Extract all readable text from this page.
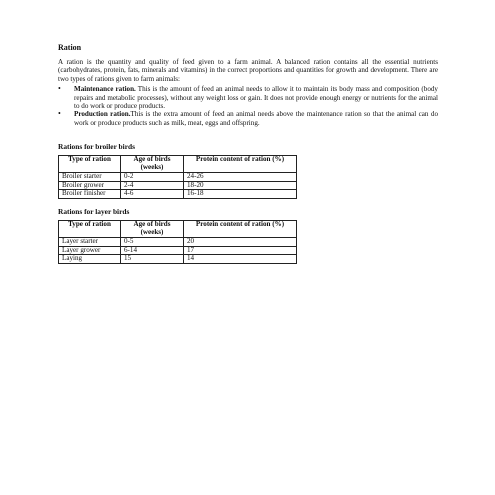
Ration
A ration is the quantity and quality of feed given to a farm animal. A balanced ration contains all the essential nutrients (carbohydrates, protein, fats, minerals and vitamins) in the correct proportions and quantities for growth and development. There are two types of rations given to farm animals:
• Maintenance ration. This is the amount of feed an animal needs to allow it to maintain its body mass and composition (body repairs and metabolic processes), without any weight loss or gain. It does not provide enough energy or nutrients for the animal to do work or produce products.
• Production ration.This is the extra amount of feed an animal needs above the maintenance ration so that the animal can do work or produce products such as milk, meat, eggs and offspring.
Rations for broiler birds
Type of ration	Age of birds (weeks)	Protein content of ration (%)
Broiler starter	0-2	24-26
Broiler grower	2-4	18-20
Broiler finisher	4-6	16-18
Rations for layer birds
Type of ration	Age of birds (weeks)	Protein content of ration (%)
Layer starter	0-5	20
Layer grower	6-14	17
Laying	15	14
